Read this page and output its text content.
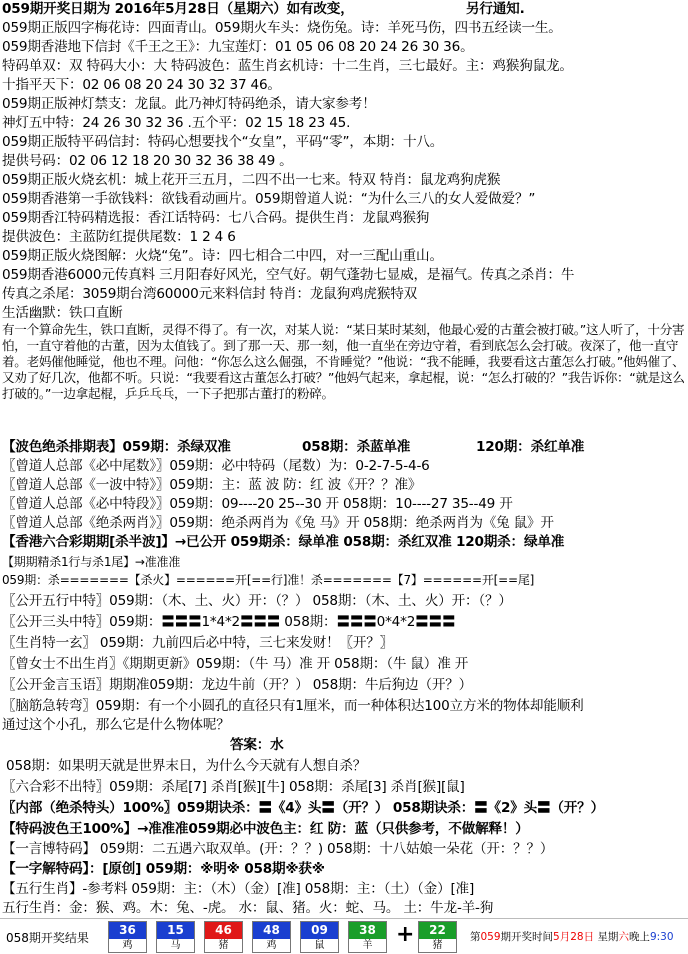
059期开奖日期为 2016年5月28日（星期六）如有改变，	另行通知.
059期正版四字梅花诗：四面青山。059期火车头：烧伤兔。诗：羊死马伤，四书五经读一生。
059期香港地下信封《千王之王》：九宝莲灯：01 05 06 08 20 24 26 30 36。
特码单双：双 特码大小：大 特码波色：蓝生肖玄机诗：十二生肖，三七最好。主：鸡猴狗鼠龙。
十指平天下：02 06 08 20 24 30 32 37 46。
059期正版神灯禁支：龙鼠。此乃神灯特码绝杀，请大家参考！
神灯五中特：24 26 30 32 36 .五个平：02 15 18 23 45.
059期正版特平码信封：特码心想要找个“女皇”，平码“零”，本期：十八。
提供号码：02 06 12 18 20 30 32 36 38 49 。
059期正版火烧玄机：城上花开三五月，二四不出一七来。特双 特肖：鼠龙鸡狗虎猴
059期香港第一手欲钱料：欲钱看动画片。059期曾道人说：“为什么三八的女人爱做爱？”
059期香江特码精选报：香江话特码：七八合码。提供生肖：龙鼠鸡猴狗
提供波色：主蓝防红提供尾数：1 2 4 6
059期正版火烧图解：火烧“兔”。诗：四七相合二中四，对一三配山重山。
059期香港6000元传真料 三月阳春好风光，空气好。朝气蓬勃七显威，是福气。传真之杀肖：牛
传真之杀尾：3059期台湾60000元来料信封 特肖：龙鼠狗鸡虎猴特双
生活幽默：铁口直断
有一个算命先生，铁口直断，灵得不得了。有一次，对某人说：“某日某时某刻，他最心爱的古董会被打破。”这人听了，十分害怕，一直守着他的古董，因为太值钱了。到了那一天、那一刻，他一直坐在旁边守着，看到底怎么会打破。夜深了，他一直守着。老妈催他睡觉，他也不理。问他：“你怎么这么倔强，不肯睡觉？”他说：“我不能睡，我要看这古董怎么打破。”他妈催了、又劝了好几次，他都不听。只说：“我要看这古董怎么打破？”他妈气起来，拿起棍，说：“怎么打破的？”我告诉你：“就是这么打破的。”一边拿起棍，乒乒乓乓，一下子把那古董打的粉碎。
【波色绝杀排期表】059期：杀绿双准	058期：杀蓝单准	120期：杀红单准
〖曾道人总部《必中尾数》〗059期：必中特码（尾数）为：0-2-7-5-4-6
〖曾道人总部《一波中特》〗059期：主：蓝 波 防：红 波《开？？准》
〖曾道人总部《必中特段》〗059期：09----20 25--30 开 058期：10----27 35--49 开
〖曾道人总部《绝杀两肖》〗059期：绝杀两肖为《兔 马》开 058期：绝杀两肖为《兔 鼠》开
【香港六合彩期期[杀半波]】→已公开 059期杀：绿单准 058期：杀红双准 120期杀：绿单准
【期期精杀1行与杀1尾】→准准准
059期：杀=======【杀火】======开[==行]准！杀=======【7】======开[==尾]
〖公开五行中特〗059期：（木、土、火）开：（？） 058期：（木、土、火）开：（？）
〖公开三头中特〗059期：〓〓〓1*4*2〓〓〓 058期：〓〓〓0*4*2〓〓〓
〖生肖特一玄〗 059期：九前四后必中特，三七来发财！〖开？〗
〖曾女士不出生肖〗《期期更新》059期：（牛 马）准 开 058期：（牛 鼠）准 开
〖公开金言玉语〗期期准059期：龙边牛前（开？） 058期：牛后狗边（开？）
〖脑筋急转弯〗059期：有一个小圆孔的直径只有1厘米，而一种体积达100立方米的物体却能顺利
通过这个小孔，那么它是什么物体呢？
答案：水
058期：如果明天就是世界末日，为什么今天就有人想自杀？
〖六合彩不出特〗059期：杀尾[7] 杀肖[猴][牛] 058期：杀尾[3] 杀肖[猴][鼠]
〖内部（绝杀特头）100%〗059期诀杀：〓《4》头〓（开？） 058期诀杀：〓《2》头〓（开？）
【特码波色王100%】→准准准059期必中波色主：红 防：蓝（只供参考，不做解释！）
【一言博特码】 059期：二五遇六取双单。(开：？？) 058期：十八姑娘一朵花（开：？？）
【一字解特码】：[原创] 059期：※明※ 058期※获※
【五行生肖】-参考料 059期：主：（木）（金）[准] 058期：主：（土）（金）[准]
五行生肖：金：猴、鸡。木：兔、-虎。 水：鼠、猪。火：蛇、马。 土：牛龙-羊-狗
058期开奖结果
36
鸡
15
马
46
猪
48
鸡
09
鼠
38
羊	+	22
猪
第059期开奖时间5月28日 星期六晚上9:30
